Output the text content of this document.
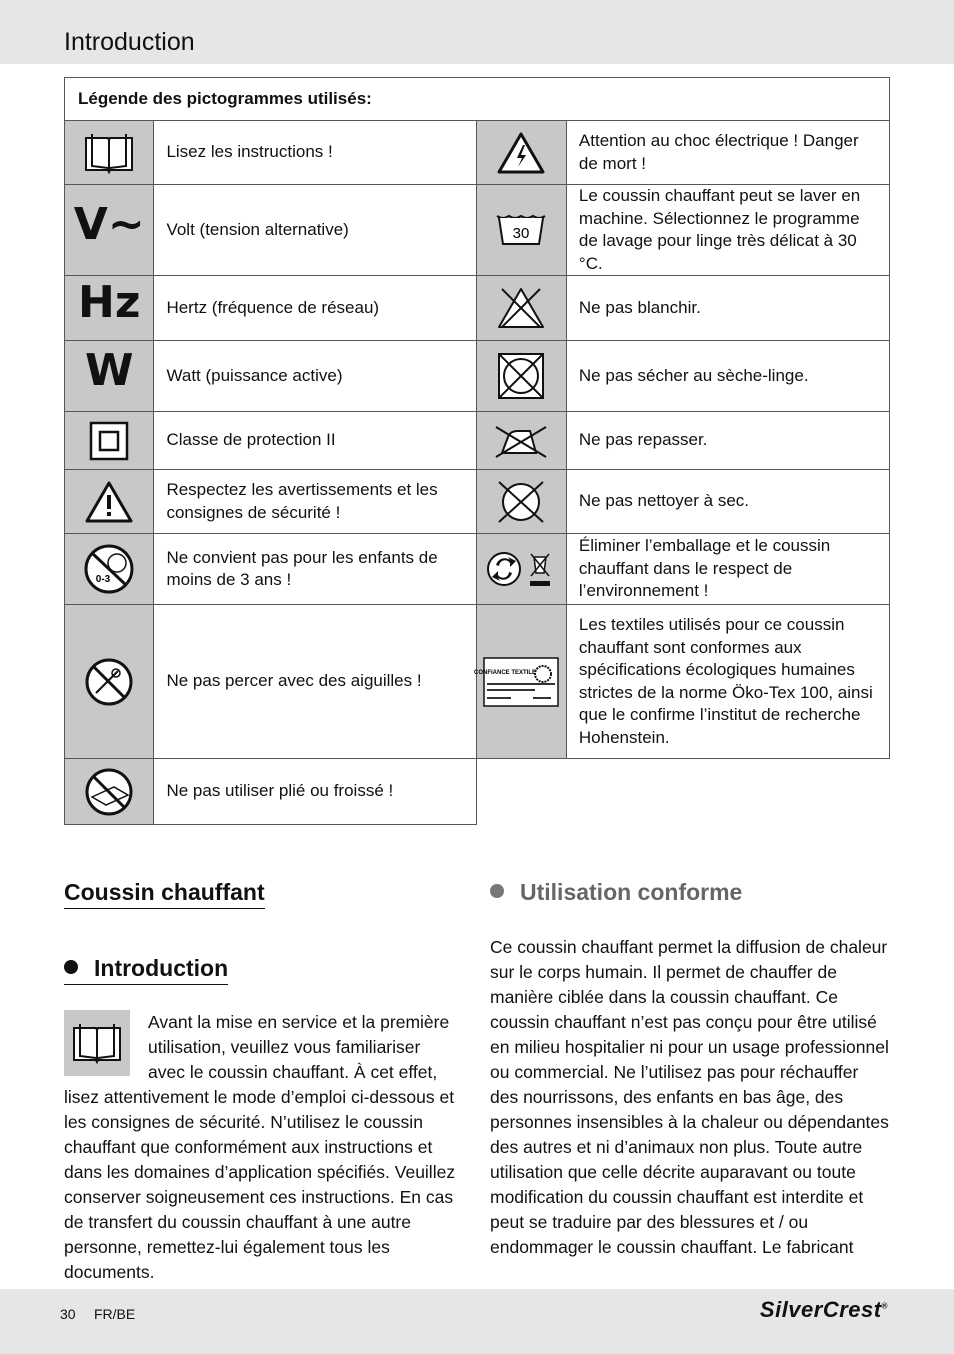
Introduction
Légende des pictogrammes utilisés:			

	Lisez les instructions !		Attention au choc électrique ! Danger de mort !
V~	Volt (tension alternative)	30	Le coussin chauffant peut se laver en machine. Sélectionnez le programme de lavage pour linge très délicat à 30 °C.
Hz	Hertz (fréquence de réseau)		Ne pas blanchir.
W	Watt (puissance active)		Ne pas sécher au sèche-linge.

	Classe de protection II		Ne pas repasser.

	Respectez les avertissements et les consignes de sécurité !		Ne pas nettoyer à sec.

0-3	Ne convient pas pour les enfants de moins de 3 ans !		Éliminer l’emballage et le coussin chauffant dans le respect de l’environnement !

	Ne pas percer avec des aiguilles !	CONFIANCE TEXTILE	Les textiles utilisés pour ce coussin chauffant sont conformes aux spécifications écologiques humaines strictes de la norme Öko-Tex 100, ainsi que le confirme l’institut de recherche Hohenstein.

	Ne pas utiliser plié ou froissé !		
Coussin chauffant
Introduction
Avant la mise en service et la première utilisation, veuillez vous familiariser avec le coussin chauffant. À cet effet, lisez attentivement le mode d’emploi ci-dessous et les consignes de sécurité. N’utilisez le coussin chauffant que conformément aux instructions et dans les domaines d’application spécifiés. Veuillez conserver soigneusement ces instructions. En cas de transfert du coussin chauffant à une autre personne, remettez-lui également tous les documents.
Utilisation conforme
Ce coussin chauffant permet la diffusion de chaleur sur le corps humain. Il permet de chauffer de manière ciblée dans la coussin chauffant. Ce coussin chauffant n’est pas conçu pour être utilisé en milieu hospitalier ni pour un usage professionnel ou commercial. Ne l’utilisez pas pour réchauffer des nourrissons, des enfants en bas âge, des personnes insensibles à la chaleur ou dépendantes des autres et ni d’animaux non plus. Toute autre utilisation que celle décrite auparavant ou toute modification du coussin chauffant est interdite et peut se traduire par des blessures et / ou endommager le coussin chauffant. Le fabricant
30 FR/BE	SilverCrest®
